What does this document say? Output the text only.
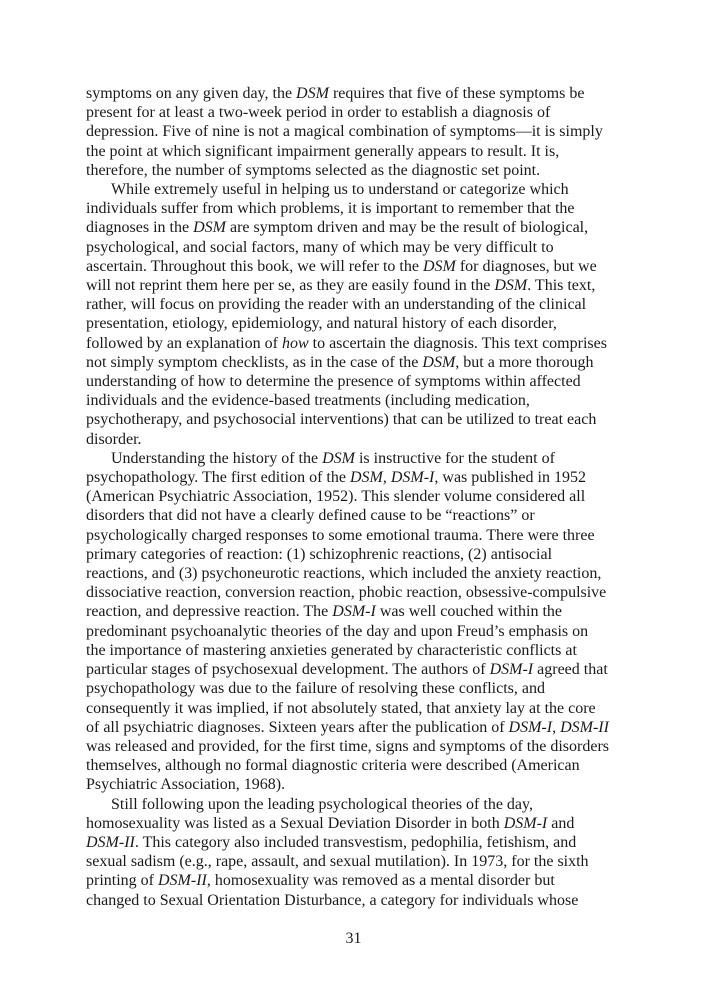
symptoms on any given day, the DSM requires that five of these symptoms be
present for at least a two-week period in order to establish a diagnosis of
depression. Five of nine is not a magical combination of symptoms—it is simply
the point at which significant impairment generally appears to result. It is,
therefore, the number of symptoms selected as the diagnostic set point.
While extremely useful in helping us to understand or categorize which
individuals suffer from which problems, it is important to remember that the
diagnoses in the DSM are symptom driven and may be the result of biological,
psychological, and social factors, many of which may be very difficult to
ascertain. Throughout this book, we will refer to the DSM for diagnoses, but we
will not reprint them here per se, as they are easily found in the DSM. This text,
rather, will focus on providing the reader with an understanding of the clinical
presentation, etiology, epidemiology, and natural history of each disorder,
followed by an explanation of how to ascertain the diagnosis. This text comprises
not simply symptom checklists, as in the case of the DSM, but a more thorough
understanding of how to determine the presence of symptoms within affected
individuals and the evidence-based treatments (including medication,
psychotherapy, and psychosocial interventions) that can be utilized to treat each
disorder.
Understanding the history of the DSM is instructive for the student of
psychopathology. The first edition of the DSM, DSM-I, was published in 1952
(American Psychiatric Association, 1952). This slender volume considered all
disorders that did not have a clearly defined cause to be “reactions” or
psychologically charged responses to some emotional trauma. There were three
primary categories of reaction: (1) schizophrenic reactions, (2) antisocial
reactions, and (3) psychoneurotic reactions, which included the anxiety reaction,
dissociative reaction, conversion reaction, phobic reaction, obsessive-compulsive
reaction, and depressive reaction. The DSM-I was well couched within the
predominant psychoanalytic theories of the day and upon Freud’s emphasis on
the importance of mastering anxieties generated by characteristic conflicts at
particular stages of psychosexual development. The authors of DSM-I agreed that
psychopathology was due to the failure of resolving these conflicts, and
consequently it was implied, if not absolutely stated, that anxiety lay at the core
of all psychiatric diagnoses. Sixteen years after the publication of DSM-I, DSM-II
was released and provided, for the first time, signs and symptoms of the disorders
themselves, although no formal diagnostic criteria were described (American
Psychiatric Association, 1968).
Still following upon the leading psychological theories of the day,
homosexuality was listed as a Sexual Deviation Disorder in both DSM-I and
DSM-II. This category also included transvestism, pedophilia, fetishism, and
sexual sadism (e.g., rape, assault, and sexual mutilation). In 1973, for the sixth
printing of DSM-II, homosexuality was removed as a mental disorder but
changed to Sexual Orientation Disturbance, a category for individuals whose
31
